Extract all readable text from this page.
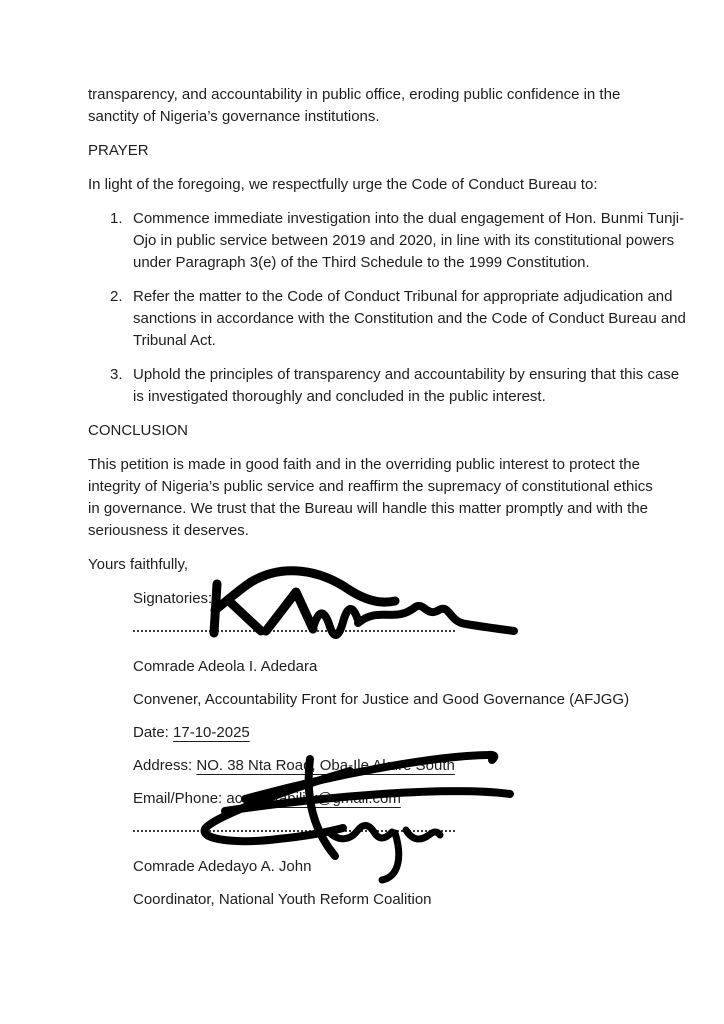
transparency, and accountability in public office, eroding public confidence in the sanctity of Nigeria’s governance institutions.

PRAYER

In light of the foregoing, we respectfully urge the Code of Conduct Bureau to:

1. Commence immediate investigation into the dual engagement of Hon. Bunmi Tunji-Ojo in public service between 2019 and 2020, in line with its constitutional powers under Paragraph 3(e) of the Third Schedule to the 1999 Constitution.
2. Refer the matter to the Code of Conduct Tribunal for appropriate adjudication and sanctions in accordance with the Constitution and the Code of Conduct Bureau and Tribunal Act.
3. Uphold the principles of transparency and accountability by ensuring that this case is investigated thoroughly and concluded in the public interest.

CONCLUSION

This petition is made in good faith and in the overriding public interest to protect the integrity of Nigeria’s public service and reaffirm the supremacy of constitutional ethics in governance. We trust that the Bureau will handle this matter promptly and with the seriousness it deserves.

Yours faithfully,

Signatories:

Comrade Adeola I. Adedara

Convener, Accountability Front for Justice and Good Governance (AFJGG)

Date: 17-10-2025

Address: NO. 38 Nta Road, Oba-Ile Akure South

Email/Phone: accountability@gmail.com

Comrade Adedayo A. John

Coordinator, National Youth Reform Coalition
